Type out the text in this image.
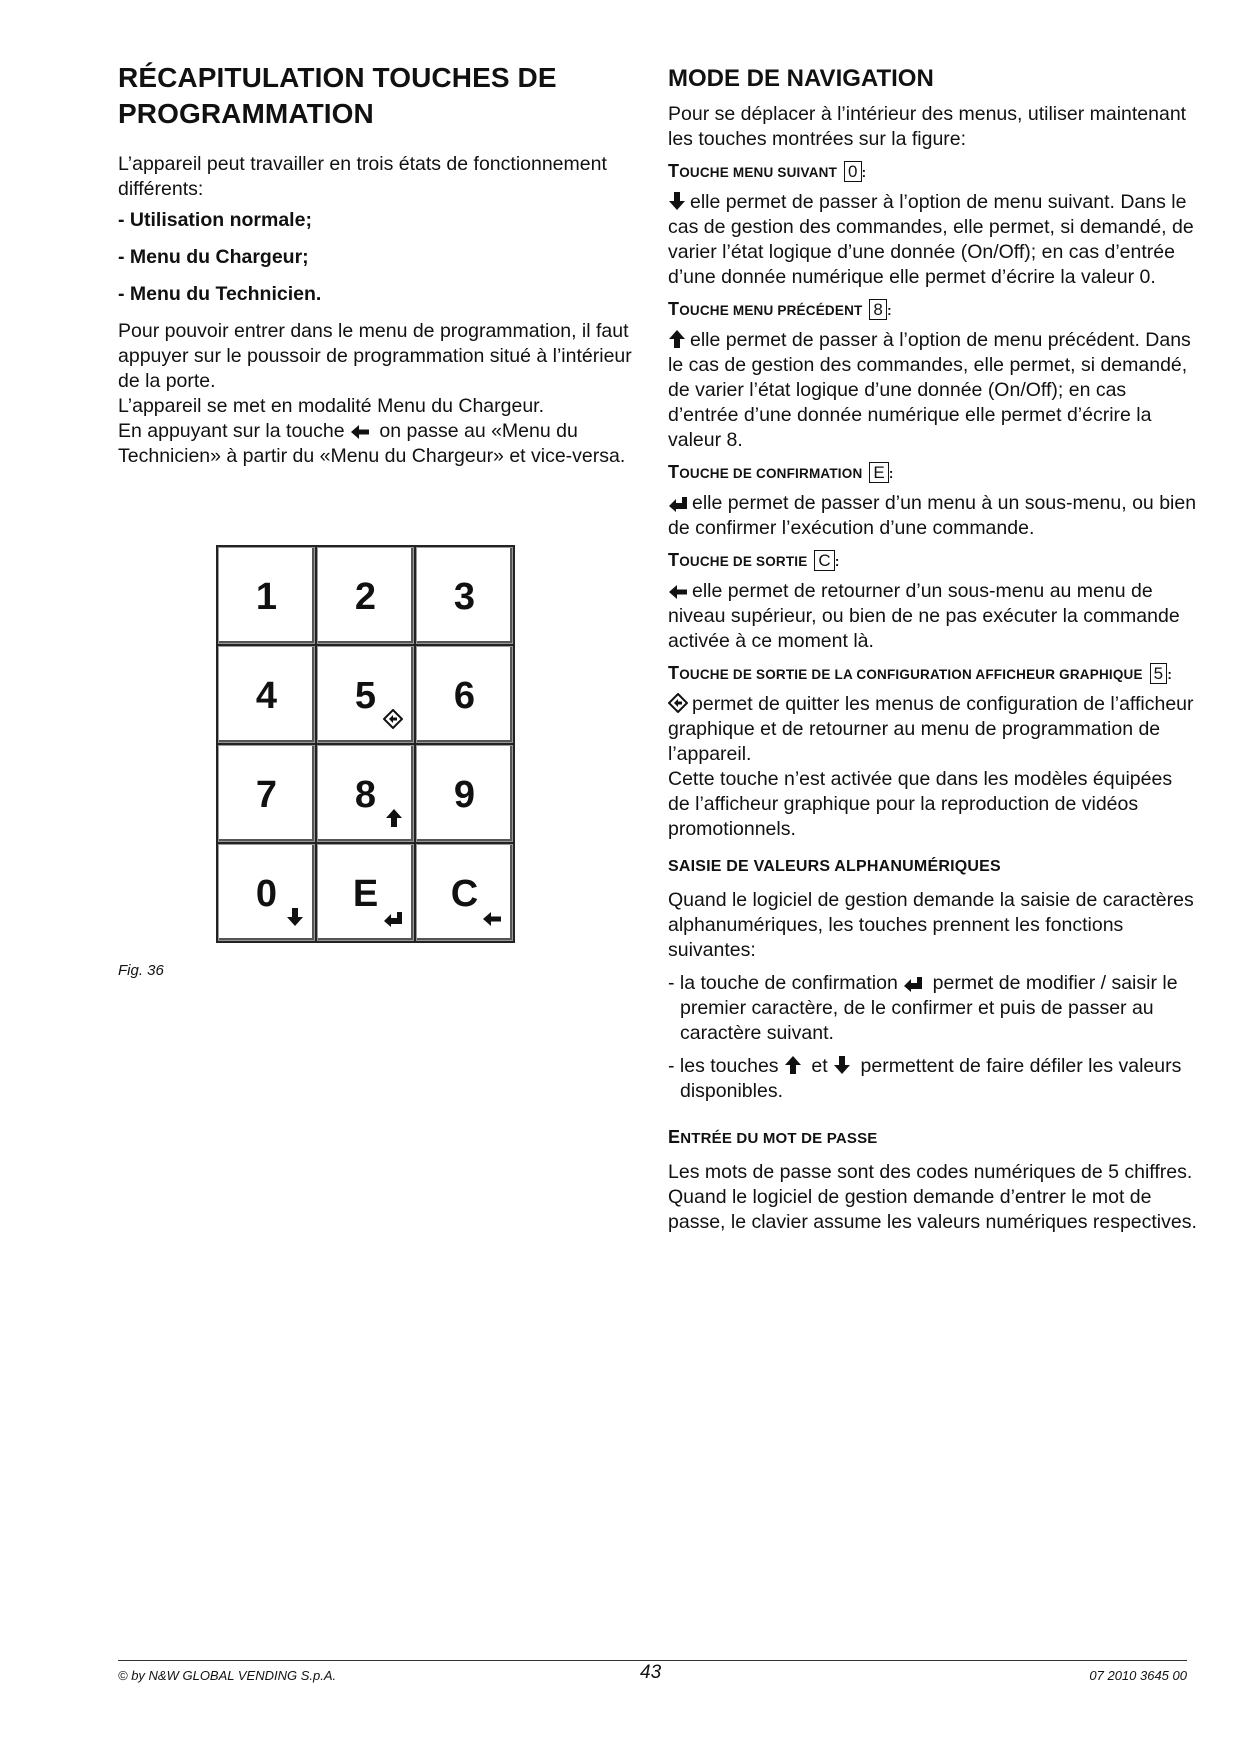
RÉCAPITULATION TOUCHES DE PROGRAMMATION

L’appareil peut travailler en trois états de fonctionnement différents:

- Utilisation normale;
- Menu du Chargeur;
- Menu du Technicien.

Pour pouvoir entrer dans le menu de programmation, il faut appuyer sur le poussoir de programmation situé à l’intérieur de la porte.

L’appareil se met en modalité Menu du Chargeur.

En appuyant sur la touche on passe au «Menu du Technicien» à partir du «Menu du Chargeur» et vice-versa.

1	2	3
4	5	6
7	8	9
0	E	C
Fig. 36
MODE DE NAVIGATION

Pour se déplacer à l’intérieur des menus, utiliser maintenant les touches montrées sur la figure:

TOUCHE MENU SUIVANT 0 :

elle permet de passer à l’option de menu suivant. Dans le cas de gestion des commandes, elle permet, si demandé, de varier l’état logique d’une donnée (On/Off); en cas d’entrée d’une donnée numérique elle permet d’écrire la valeur 0.

TOUCHE MENU PRÉCÉDENT 8 :

elle permet de passer à l’option de menu précédent. Dans le cas de gestion des commandes, elle permet, si demandé, de varier l’état logique d’une donnée (On/Off); en cas d’entrée d’une donnée numérique elle permet d’écrire la valeur 8.

TOUCHE DE CONFIRMATION E :

elle permet de passer d’un menu à un sous-menu, ou bien de confirmer l’exécution d’une commande.

TOUCHE DE SORTIE C :

elle permet de retourner d’un sous-menu au menu de niveau supérieur, ou bien de ne pas exécuter la commande activée à ce moment là.

TOUCHE DE SORTIE DE LA CONFIGURATION AFFICHEUR GRAPHIQUE 5 :

permet de quitter les menus de configuration de l’afficheur graphique et de retourner au menu de programmation de l’appareil.
Cette touche n’est activée que dans les modèles équipées de l’afficheur graphique pour la reproduction de vidéos promotionnels.

SAISIE DE VALEURS ALPHANUMÉRIQUES

Quand le logiciel de gestion demande la saisie de caractères alphanumériques, les touches prennent les fonctions suivantes:

- la touche de confirmation permet de modifier / saisir le premier caractère, de le confirmer et puis de passer au caractère suivant.

- les touches et permettent de faire défiler les valeurs disponibles.

ENTRÉE DU MOT DE PASSE

Les mots de passe sont des codes numériques de 5 chiffres.

Quand le logiciel de gestion demande d’entrer le mot de passe, le clavier assume les valeurs numériques respectives.

© by N&W GLOBAL VENDING S.p.A.	43	07 2010 3645 00
